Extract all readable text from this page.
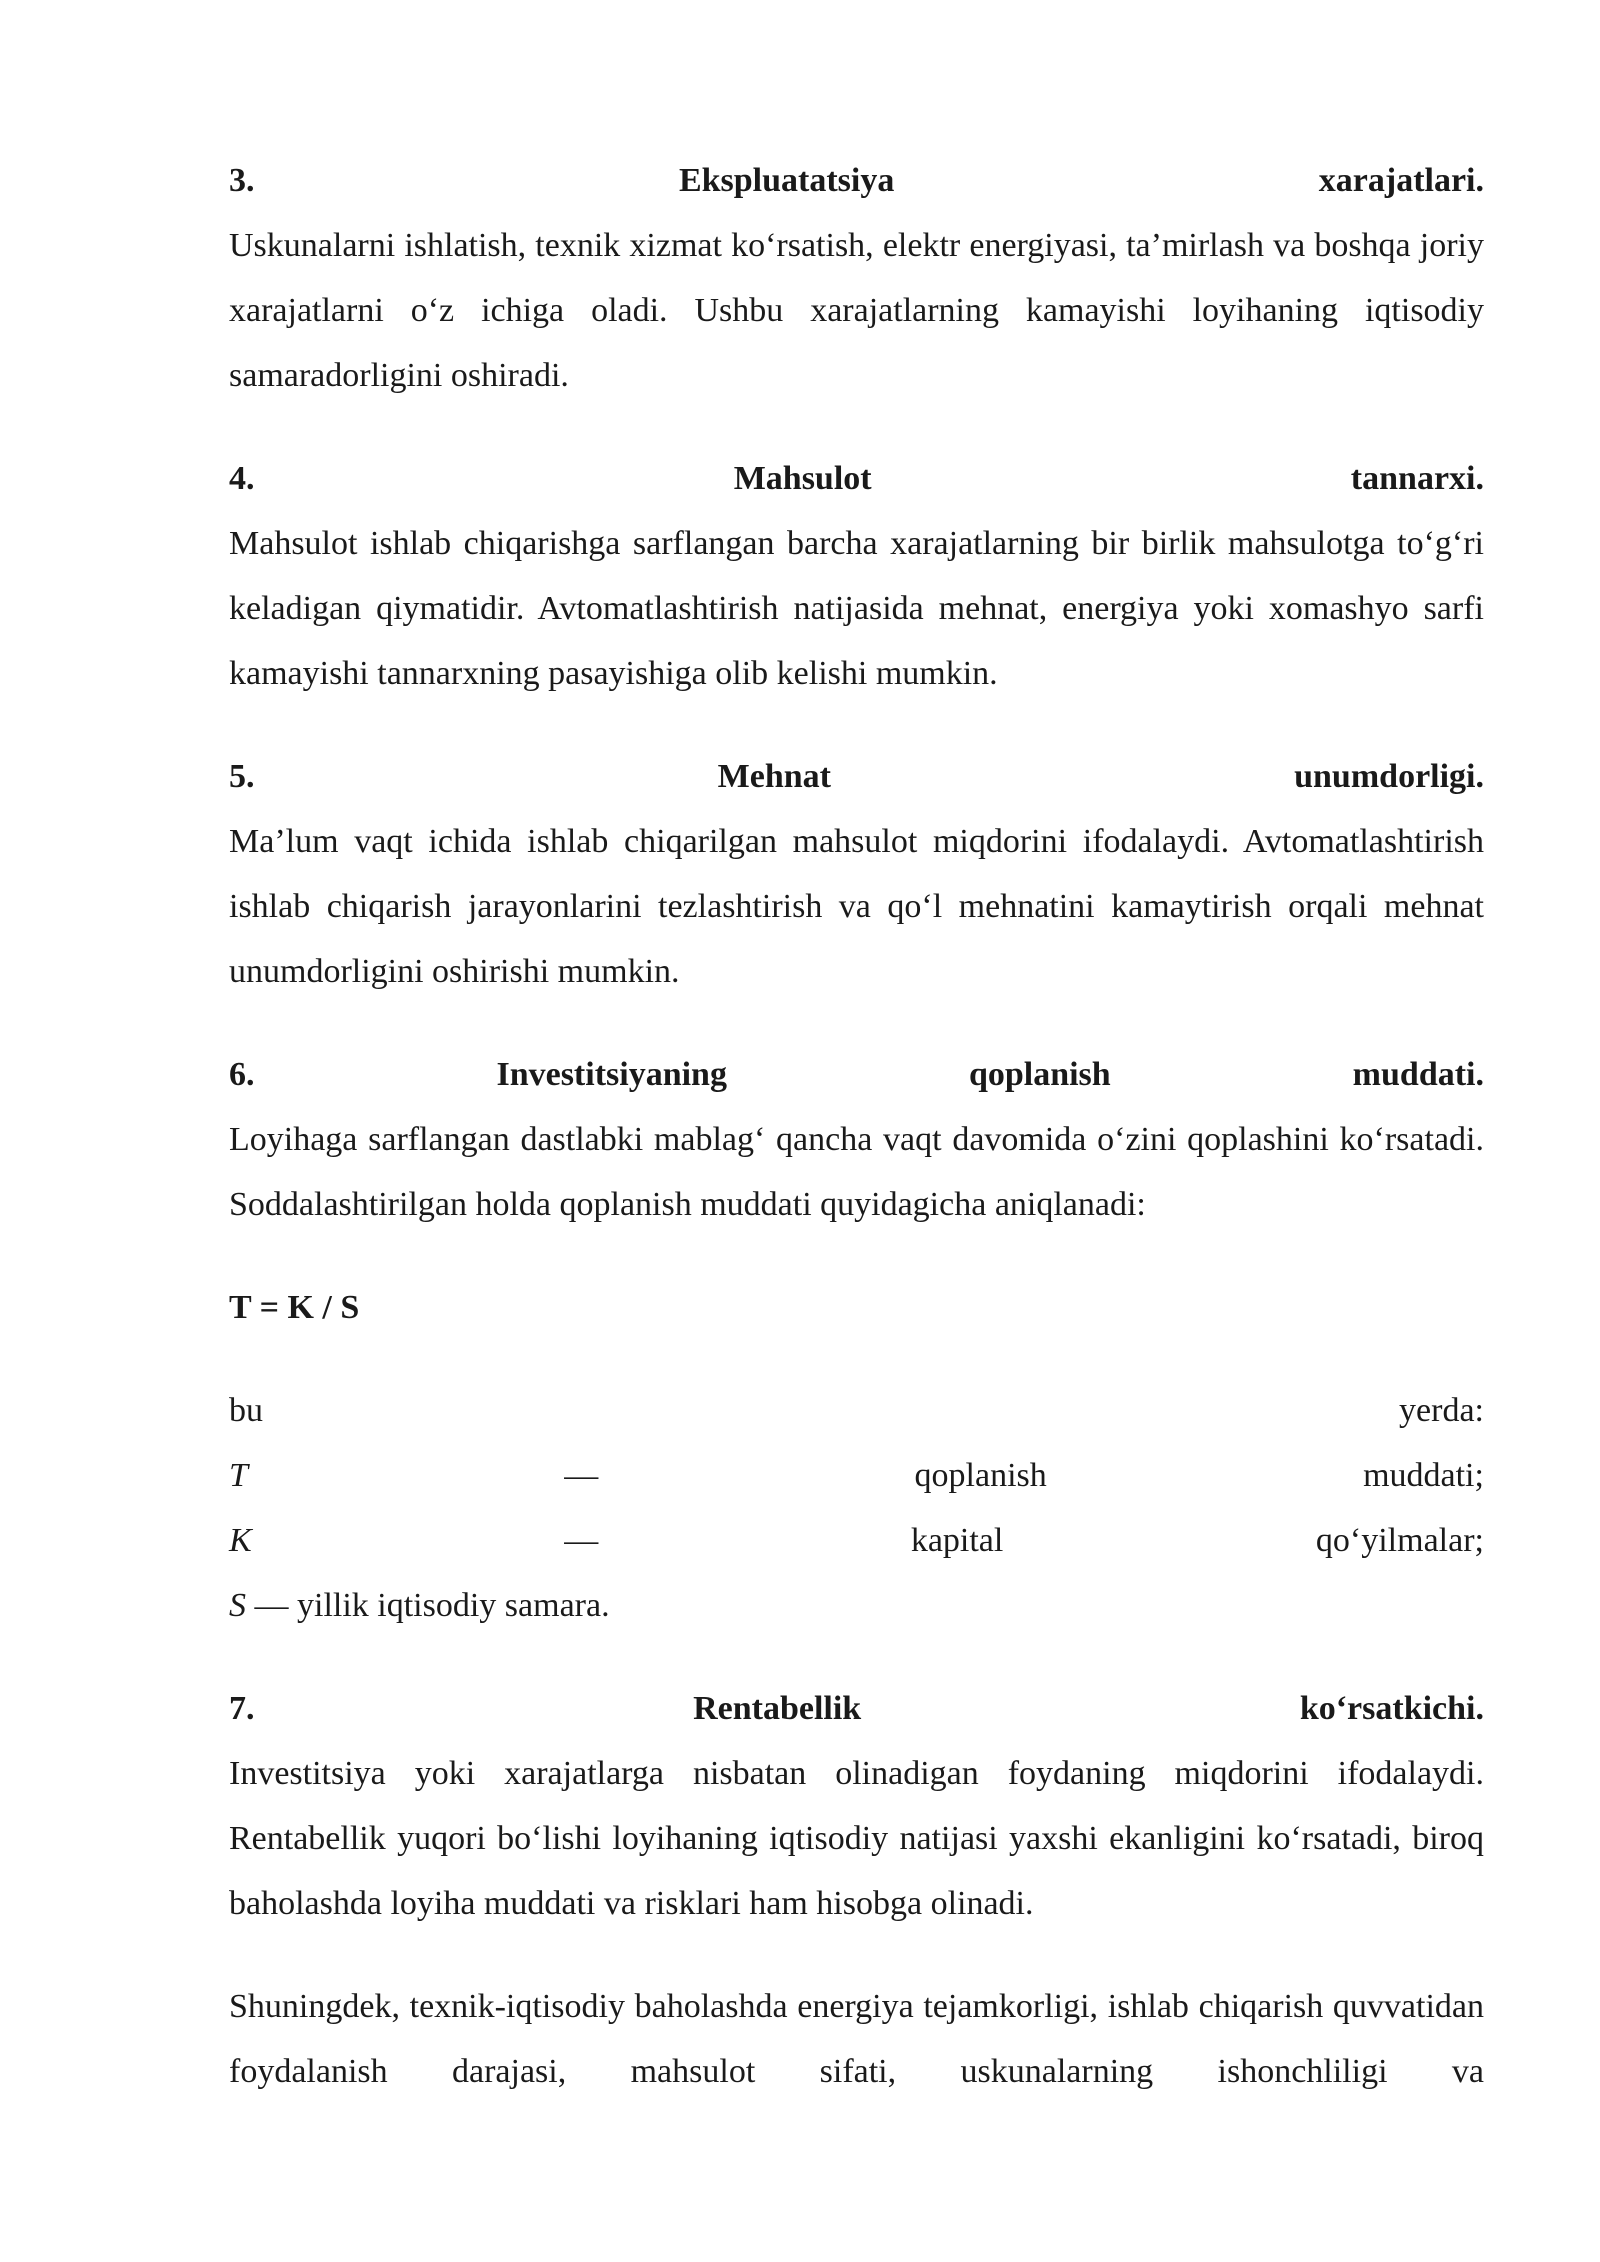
3.	Ekspluatatsiya	xarajatlari.

Uskunalarni ishlatish, texnik xizmat ko‘rsatish, elektr energiyasi, ta’mirlash va boshqa joriy xarajatlarni o‘z ichiga oladi. Ushbu xarajatlarning kamayishi loyihaning iqtisodiy samaradorligini oshiradi.

4.	Mahsulot	tannarxi.

Mahsulot ishlab chiqarishga sarflangan barcha xarajatlarning bir birlik mahsulotga to‘g‘ri keladigan qiymatidir. Avtomatlashtirish natijasida mehnat, energiya yoki xomashyo sarfi kamayishi tannarxning pasayishiga olib kelishi mumkin.

5.	Mehnat	unumdorligi.

Ma’lum vaqt ichida ishlab chiqarilgan mahsulot miqdorini ifodalaydi. Avtomatlashtirish ishlab chiqarish jarayonlarini tezlashtirish va qo‘l mehnatini kamaytirish orqali mehnat unumdorligini oshirishi mumkin.

6.	Investitsiyaning	qoplanish	muddati.

Loyihaga sarflangan dastlabki mablag‘ qancha vaqt davomida o‘zini qoplashini ko‘rsatadi. Soddalashtirilgan holda qoplanish muddati quyidagicha aniqlanadi:

T = K / S
bu	yerda:
T	—	qoplanish	muddati;
K	—	kapital	qo‘yilmalar;
S — yillik iqtisodiy samara.
7.	Rentabellik	ko‘rsatkichi.

Investitsiya yoki xarajatlarga nisbatan olinadigan foydaning miqdorini ifodalaydi. Rentabellik yuqori bo‘lishi loyihaning iqtisodiy natijasi yaxshi ekanligini ko‘rsatadi, biroq baholashda loyiha muddati va risklari ham hisobga olinadi.

Shuningdek, texnik-iqtisodiy baholashda energiya tejamkorligi, ishlab chiqarish quvvatidan foydalanish darajasi, mahsulot sifati, uskunalarning ishonchliligi va
